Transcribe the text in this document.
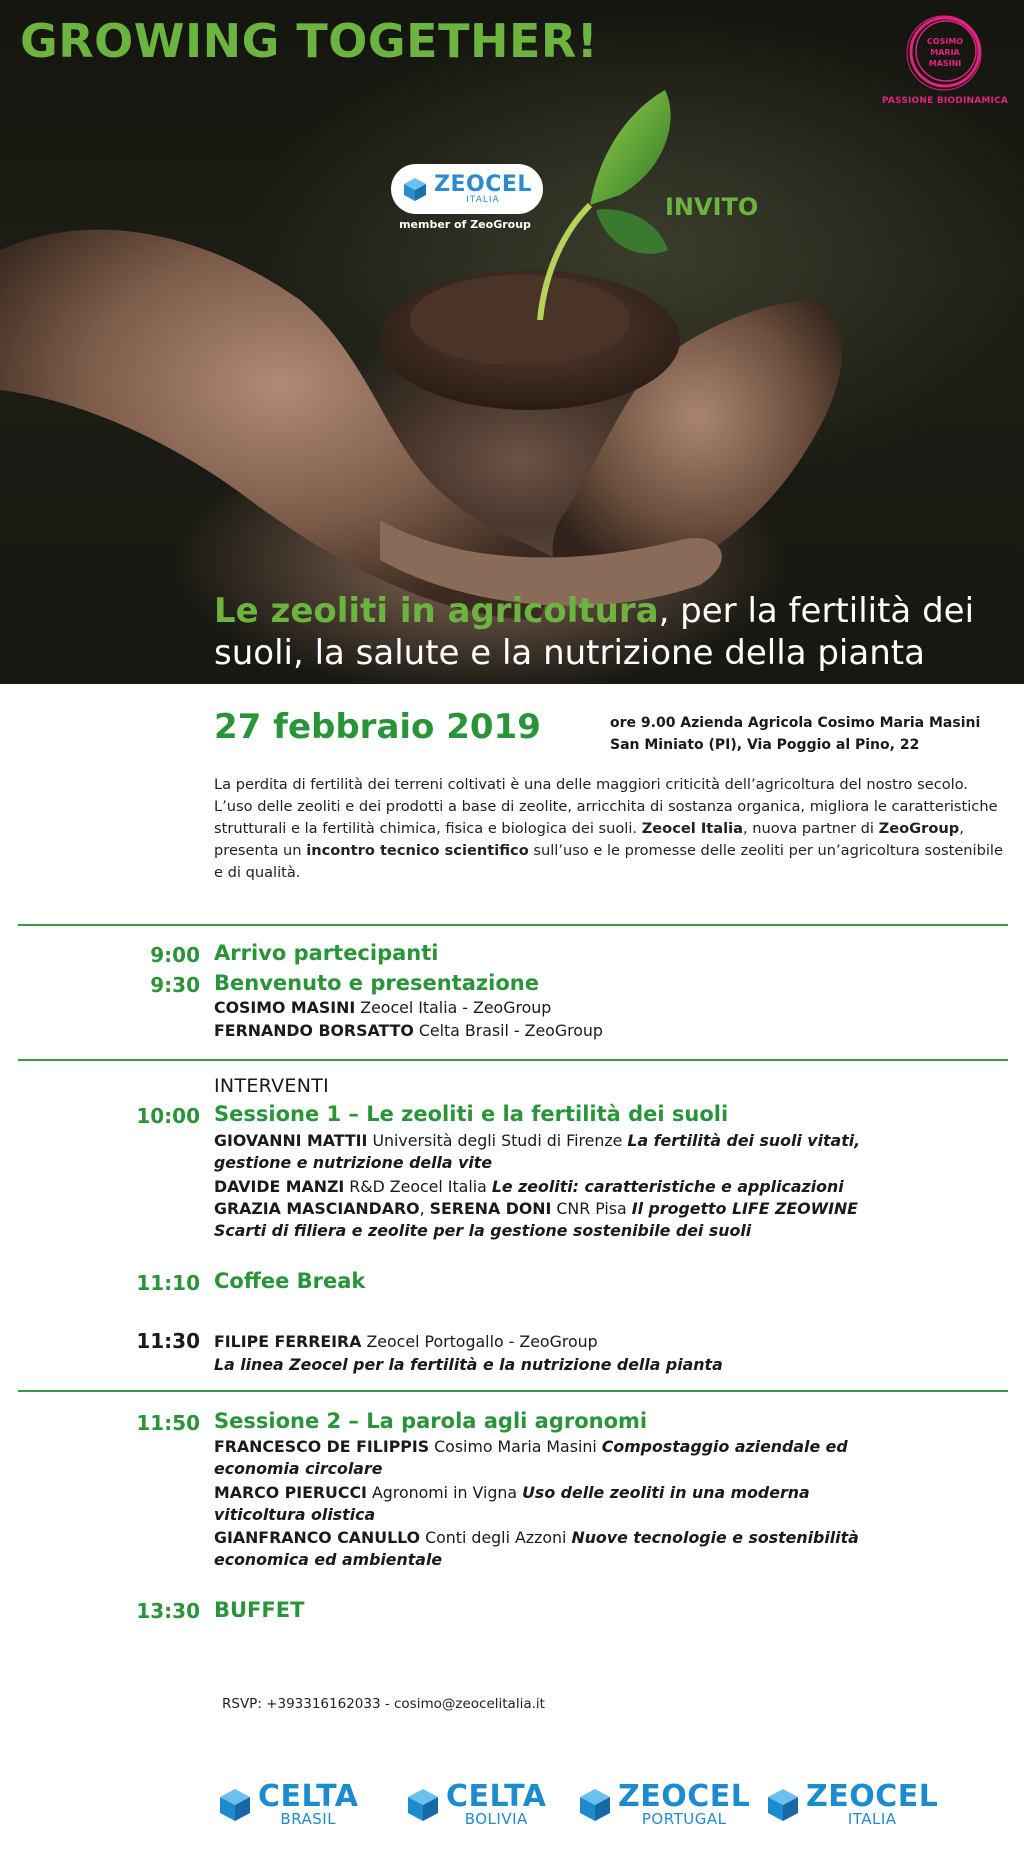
GROWING TOGETHER!
ZEOCEL
ITALIA
member of ZeoGroup
INVITO
COSIMO
MARIA
MASINI
PASSIONE BIODINAMICA
Le zeoliti in agricoltura, per la fertilità dei
suoli, la salute e la nutrizione della pianta
27 febbraio 2019	ore 9.00 Azienda Agricola Cosimo Maria Masini
San Miniato (PI), Via Poggio al Pino, 22
La perdita di fertilità dei terreni coltivati è una delle maggiori criticità dell’agricoltura del nostro secolo. L’uso delle zeoliti e dei prodotti a base di zeolite, arricchita di sostanza organica, migliora le caratteristiche strutturali e la fertilità chimica, fisica e biologica dei suoli. Zeocel Italia, nuova partner di ZeoGroup, presenta un incontro tecnico scientifico sull’uso e le promesse delle zeoliti per un’agricoltura sostenibile e di qualità.
9:00 Arrivo partecipanti
9:30 Benvenuto e presentazione
COSIMO MASINI Zeocel Italia - ZeoGroup
FERNANDO BORSATTO Celta Brasil - ZeoGroup
INTERVENTI
10:00 Sessione 1 – Le zeoliti e la fertilità dei suoli
GIOVANNI MATTII Università degli Studi di Firenze La fertilità dei suoli vitati,
gestione e nutrizione della vite
DAVIDE MANZI R&D Zeocel Italia Le zeoliti: caratteristiche e applicazioni
GRAZIA MASCIANDARO, SERENA DONI CNR Pisa Il progetto LIFE ZEOWINE
Scarti di filiera e zeolite per la gestione sostenibile dei suoli
11:10 Coffee Break
11:30 FILIPE FERREIRA Zeocel Portogallo - ZeoGroup
La linea Zeocel per la fertilità e la nutrizione della pianta
11:50 Sessione 2 – La parola agli agronomi
FRANCESCO DE FILIPPIS Cosimo Maria Masini Compostaggio aziendale ed
economia circolare
MARCO PIERUCCI Agronomi in Vigna Uso delle zeoliti in una moderna
viticoltura olistica
GIANFRANCO CANULLO Conti degli Azzoni Nuove tecnologie e sostenibilità
economica ed ambientale
13:30 BUFFET
RSVP: +393316162033 - cosimo@zeocelitalia.it
CELTA
BRASIL
CELTA
BOLIVIA
ZEOCEL
PORTUGAL
ZEOCEL
ITALIA
